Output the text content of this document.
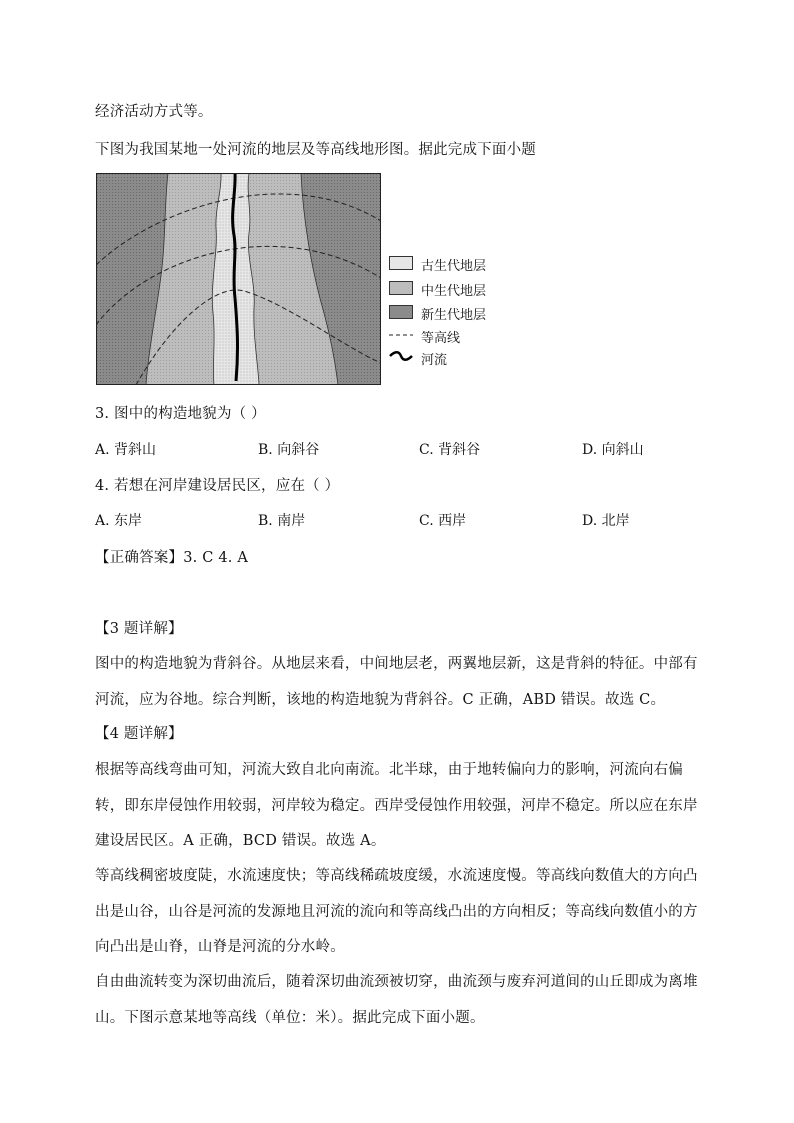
经济活动方式等。
下图为我国某地一处河流的地层及等高线地形图。据此完成下面小题
古生代地层
中生代地层
新生代地层
等高线
河流
3. 图中的构造地貌为（ ）
A. 背斜山	B. 向斜谷	C. 背斜谷	D. 向斜山
4. 若想在河岸建设居民区，应在（ ）
A. 东岸	B. 南岸	C. 西岸	D. 北岸
【正确答案】3. C 4. A
【3 题详解】
图中的构造地貌为背斜谷。从地层来看，中间地层老，两翼地层新，这是背斜的特征。中部有
河流，应为谷地。综合判断，该地的构造地貌为背斜谷。C 正确，ABD 错误。故选 C。
【4 题详解】
根据等高线弯曲可知，河流大致自北向南流。北半球，由于地转偏向力的影响，河流向右偏
转，即东岸侵蚀作用较弱，河岸较为稳定。西岸受侵蚀作用较强，河岸不稳定。所以应在东岸
建设居民区。A 正确，BCD 错误。故选 A。
等高线稠密坡度陡，水流速度快；等高线稀疏坡度缓，水流速度慢。等高线向数值大的方向凸
出是山谷，山谷是河流的发源地且河流的流向和等高线凸出的方向相反；等高线向数值小的方
向凸出是山脊，山脊是河流的分水岭。
自由曲流转变为深切曲流后，随着深切曲流颈被切穿，曲流颈与废弃河道间的山丘即成为离堆
山。下图示意某地等高线（单位：米）。据此完成下面小题。
